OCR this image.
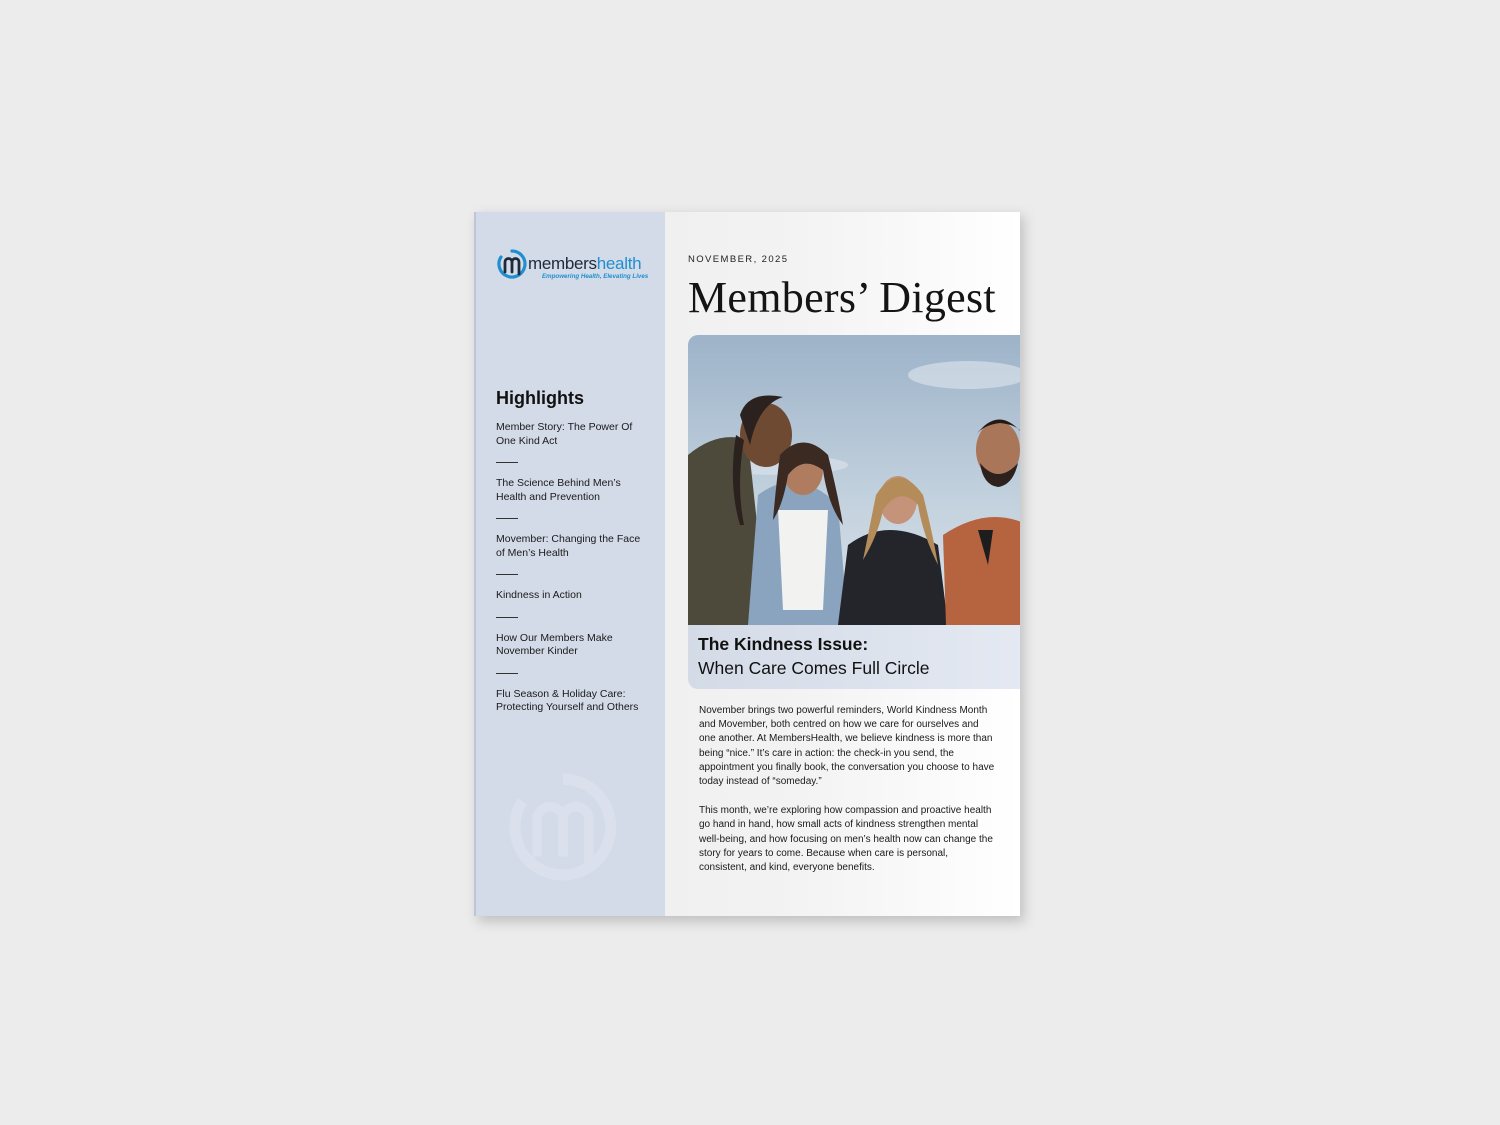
membershealth
Empowering Health, Elevating Lives
Highlights
Member Story: The Power Of One Kind Act
The Science Behind Men’s Health and Prevention
Movember: Changing the Face of Men’s Health
Kindness in Action
How Our Members Make November Kinder
Flu Season & Holiday Care: Protecting Yourself and Others
NOVEMBER, 2025
Members’ Digest
The Kindness Issue:
When Care Comes Full Circle

November brings two powerful reminders, World Kindness Month and Movember, both centred on how we care for ourselves and one another. At MembersHealth, we believe kindness is more than being “nice.” It’s care in action: the check-in you send, the appointment you finally book, the conversation you choose to have today instead of “someday.”

This month, we’re exploring how compassion and proactive health go hand in hand, how small acts of kindness strengthen mental well-being, and how focusing on men’s health now can change the story for years to come. Because when care is personal, consistent, and kind, everyone benefits.
